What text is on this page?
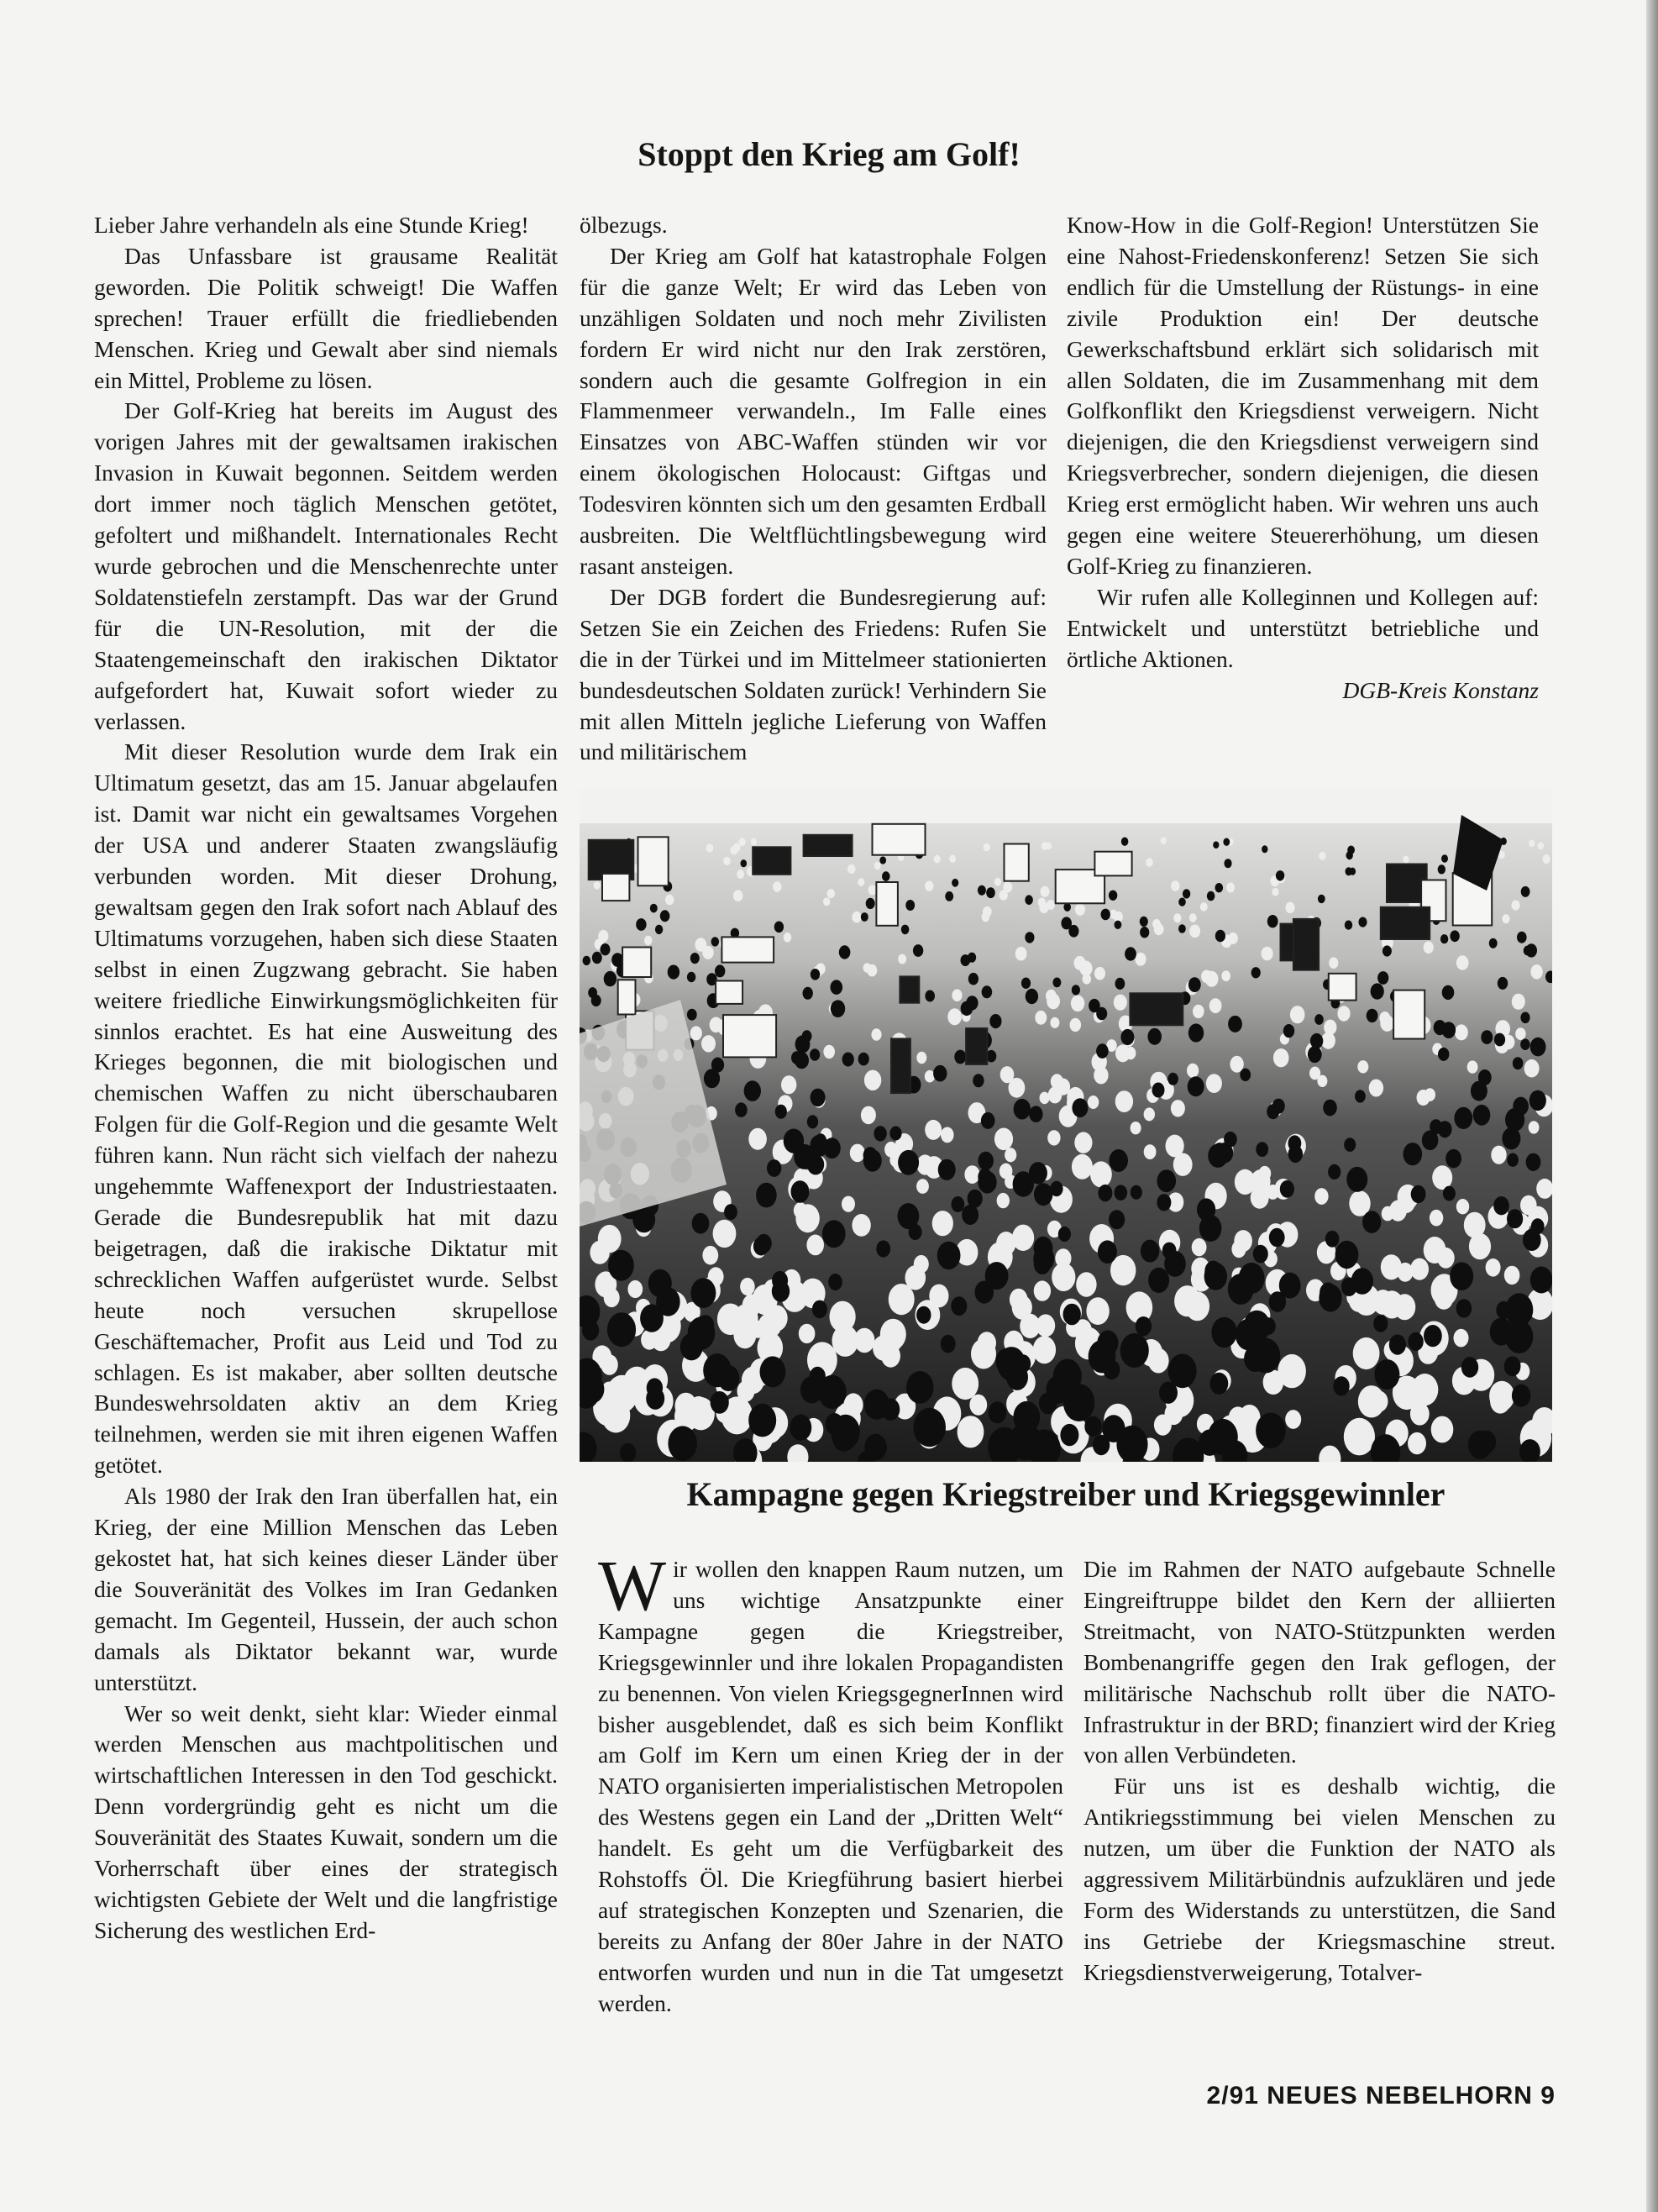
Stoppt den Krieg am Golf!

Lieber Jahre verhandeln als eine Stunde Krieg!

Das Unfassbare ist grausame Realität geworden. Die Politik schweigt! Die Waffen sprechen! Trauer erfüllt die friedliebenden Menschen. Krieg und Gewalt aber sind niemals ein Mittel, Probleme zu lösen.

Der Golf-Krieg hat bereits im August des vorigen Jahres mit der gewaltsamen irakischen Invasion in Kuwait begonnen. Seitdem werden dort immer noch täglich Menschen getötet, gefoltert und mißhandelt. Internationales Recht wurde gebrochen und die Menschenrechte unter Soldatenstiefeln zerstampft. Das war der Grund für die UN-Resolution, mit der die Staatengemeinschaft den irakischen Diktator aufgefordert hat, Kuwait sofort wieder zu verlassen.

Mit dieser Resolution wurde dem Irak ein Ultimatum gesetzt, das am 15. Januar abgelaufen ist. Damit war nicht ein gewaltsames Vorgehen der USA und anderer Staaten zwangsläufig verbunden worden. Mit dieser Drohung, gewaltsam gegen den Irak sofort nach Ablauf des Ultimatums vorzugehen, haben sich diese Staaten selbst in einen Zugzwang gebracht. Sie haben weitere friedliche Einwirkungsmöglichkeiten für sinnlos erachtet. Es hat eine Ausweitung des Krieges begonnen, die mit biologischen und chemischen Waffen zu nicht überschaubaren Folgen für die Golf-Region und die gesamte Welt führen kann. Nun rächt sich vielfach der nahezu ungehemmte Waffenexport der Industriestaaten. Gerade die Bundesrepublik hat mit dazu beigetragen, daß die irakische Diktatur mit schrecklichen Waffen aufgerüstet wurde. Selbst heute noch versuchen skrupellose Geschäftemacher, Profit aus Leid und Tod zu schlagen. Es ist makaber, aber sollten deutsche Bundeswehrsoldaten aktiv an dem Krieg teilnehmen, werden sie mit ihren eigenen Waffen getötet.

Als 1980 der Irak den Iran überfallen hat, ein Krieg, der eine Million Menschen das Leben gekostet hat, hat sich keines dieser Länder über die Souveränität des Volkes im Iran Gedanken gemacht. Im Gegenteil, Hussein, der auch schon damals als Diktator bekannt war, wurde unterstützt.

Wer so weit denkt, sieht klar: Wieder einmal werden Menschen aus machtpolitischen und wirtschaftlichen Interessen in den Tod geschickt. Denn vordergründig geht es nicht um die Souveränität des Staates Kuwait, sondern um die Vorherrschaft über eines der strategisch wichtigsten Gebiete der Welt und die langfristige Sicherung des westlichen Erd-

ölbezugs.

Der Krieg am Golf hat katastrophale Folgen für die ganze Welt; Er wird das Leben von unzähligen Soldaten und noch mehr Zivilisten fordern Er wird nicht nur den Irak zerstören, sondern auch die gesamte Golfregion in ein Flammenmeer verwandeln., Im Falle eines Einsatzes von ABC-Waffen stünden wir vor einem ökologischen Holocaust: Giftgas und Todesviren könnten sich um den gesamten Erdball ausbreiten. Die Weltflüchtlingsbewegung wird rasant ansteigen.

Der DGB fordert die Bundesregierung auf: Setzen Sie ein Zeichen des Friedens: Rufen Sie die in der Türkei und im Mittelmeer stationierten bundesdeutschen Soldaten zurück! Verhindern Sie mit allen Mitteln jegliche Lieferung von Waffen und militärischem

Know-How in die Golf-Region! Unterstützen Sie eine Nahost-Friedenskonferenz! Setzen Sie sich endlich für die Umstellung der Rüstungs- in eine zivile Produktion ein! Der deutsche Gewerkschaftsbund erklärt sich solidarisch mit allen Soldaten, die im Zusammenhang mit dem Golfkonflikt den Kriegsdienst verweigern. Nicht diejenigen, die den Kriegsdienst verweigern sind Kriegsverbrecher, sondern diejenigen, die diesen Krieg erst ermöglicht haben. Wir wehren uns auch gegen eine weitere Steuererhöhung, um diesen Golf-Krieg zu finanzieren.

Wir rufen alle Kolleginnen und Kollegen auf: Entwickelt und unterstützt betriebliche und örtliche Aktionen.

DGB-Kreis Konstanz
Kampagne gegen Kriegstreiber und Kriegsgewinnler
W ir wollen den knappen Raum nutzen, um uns wichtige Ansatzpunkte einer Kampagne gegen die Kriegstreiber, Kriegsgewinnler und ihre lokalen Propagandisten zu benennen. Von vielen KriegsgegnerInnen wird bisher ausgeblendet, daß es sich beim Konflikt am Golf im Kern um einen Krieg der in der NATO organisierten imperialistischen Metropolen des Westens gegen ein Land der „Dritten Welt“ handelt. Es geht um die Verfügbarkeit des Rohstoffs Öl. Die Kriegführung basiert hierbei auf strategischen Konzepten und Szenarien, die bereits zu Anfang der 80er Jahre in der NATO entworfen wurden und nun in die Tat umgesetzt werden.

Die im Rahmen der NATO aufgebaute Schnelle Eingreiftruppe bildet den Kern der alliierten Streitmacht, von NATO-Stützpunkten werden Bombenangriffe gegen den Irak geflogen, der militärische Nachschub rollt über die NATO-Infrastruktur in der BRD; finanziert wird der Krieg von allen Verbündeten.

Für uns ist es deshalb wichtig, die Antikriegsstimmung bei vielen Menschen zu nutzen, um über die Funktion der NATO als aggressivem Militärbündnis aufzuklären und jede Form des Widerstands zu unterstützen, die Sand ins Getriebe der Kriegsmaschine streut. Kriegsdienstverweigerung, Totalver-

2/91 NEUES NEBELHORN 9
